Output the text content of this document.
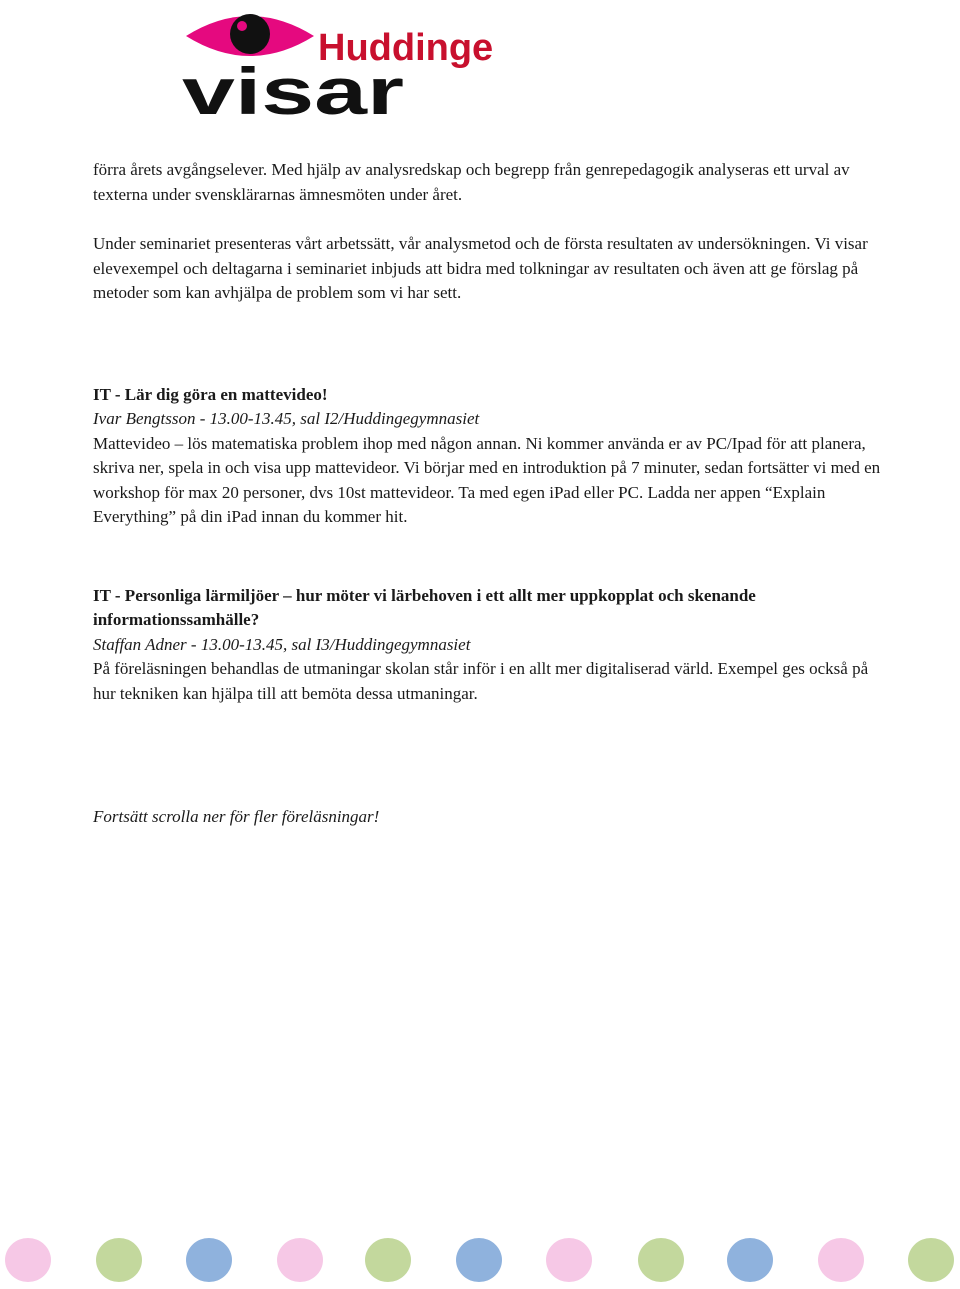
Huddinge
visar

förra årets avgångselever. Med hjälp av analysredskap och begrepp från genrepedagogik analyseras ett urval av texterna under svensklärarnas ämnesmöten under året.

Under seminariet presenteras vårt arbetssätt, vår analysmetod och de första resultaten av undersökningen. Vi visar elevexempel och deltagarna i seminariet inbjuds att bidra med tolkningar av resultaten och även att ge förslag på metoder som kan avhjälpa de problem som vi har sett.

IT - Lär dig göra en mattevideo!

Ivar Bengtsson - 13.00-13.45, sal I2/Huddingegymnasiet

Mattevideo – lös matematiska problem ihop med någon annan. Ni kommer använda er av PC/Ipad för att planera, skriva ner, spela in och visa upp mattevideor. Vi börjar med en introduktion på 7 minuter, sedan fortsätter vi med en workshop för max 20 personer, dvs 10st mattevideor. Ta med egen iPad eller PC. Ladda ner appen “Explain Everything” på din iPad innan du kommer hit.

IT - Personliga lärmiljöer – hur möter vi lärbehoven i ett allt mer uppkopplat och skenande informationssamhälle?

Staffan Adner - 13.00-13.45, sal I3/Huddingegymnasiet

På föreläsningen behandlas de utmaningar skolan står inför i en allt mer digitaliserad värld. Exempel ges också på hur tekniken kan hjälpa till att bemöta dessa utmaningar.

Fortsätt scrolla ner för fler föreläsningar!
